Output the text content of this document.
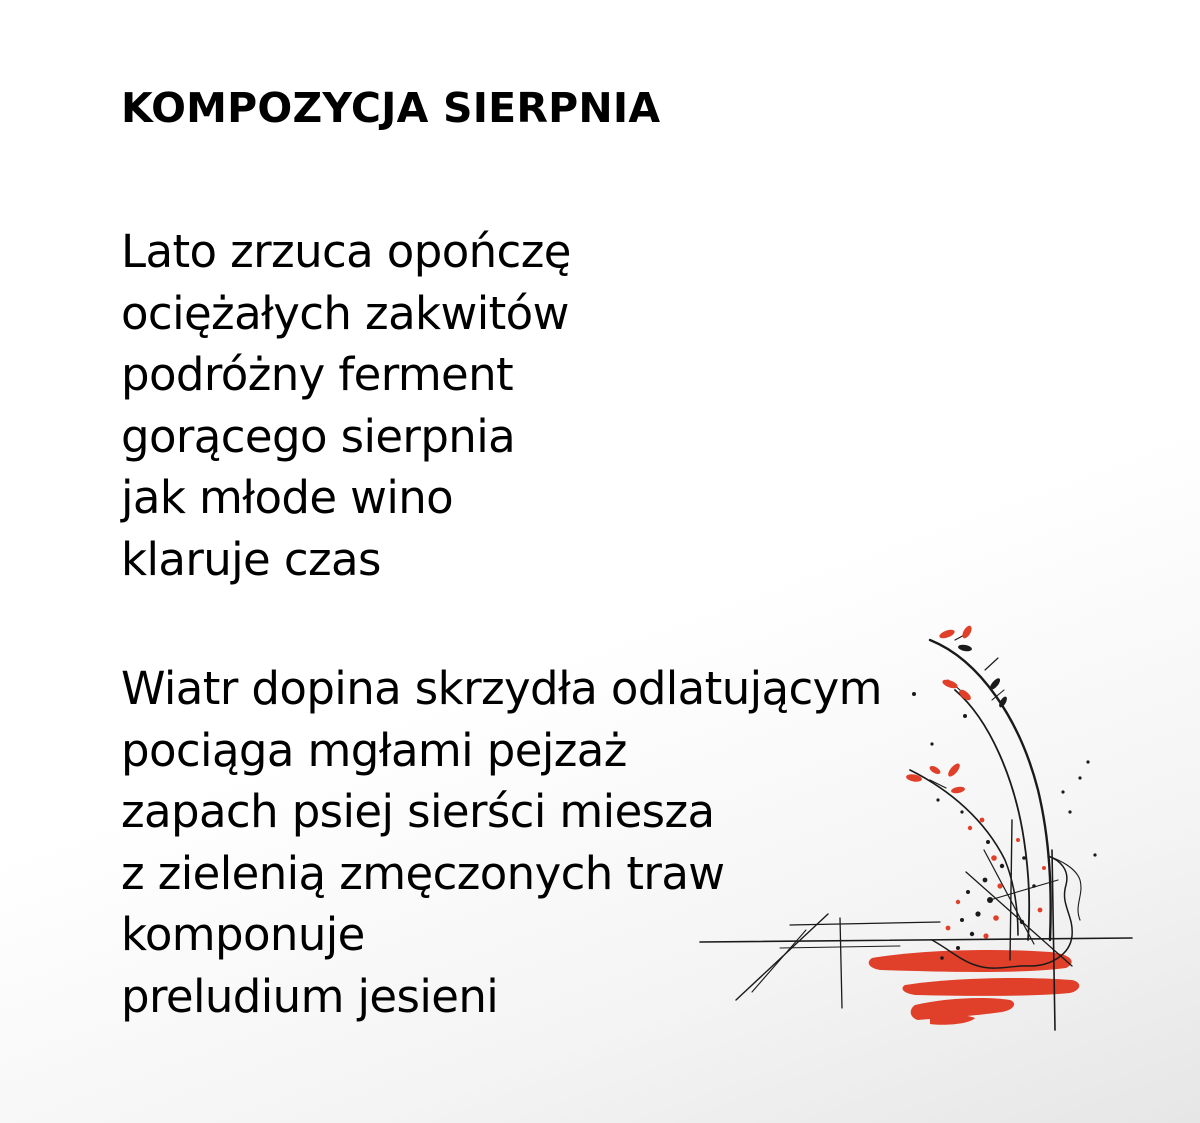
KOMPOZYCJA SIERPNIA
Lato zrzuca opończę
ociężałych zakwitów
podróżny ferment
gorącego sierpnia
jak młode wino
klaruje czas
Wiatr dopina skrzydła odlatującym
pociąga mgłami pejzaż
zapach psiej sierści miesza
z zielenią zmęczonych traw
komponuje
preludium jesieni
